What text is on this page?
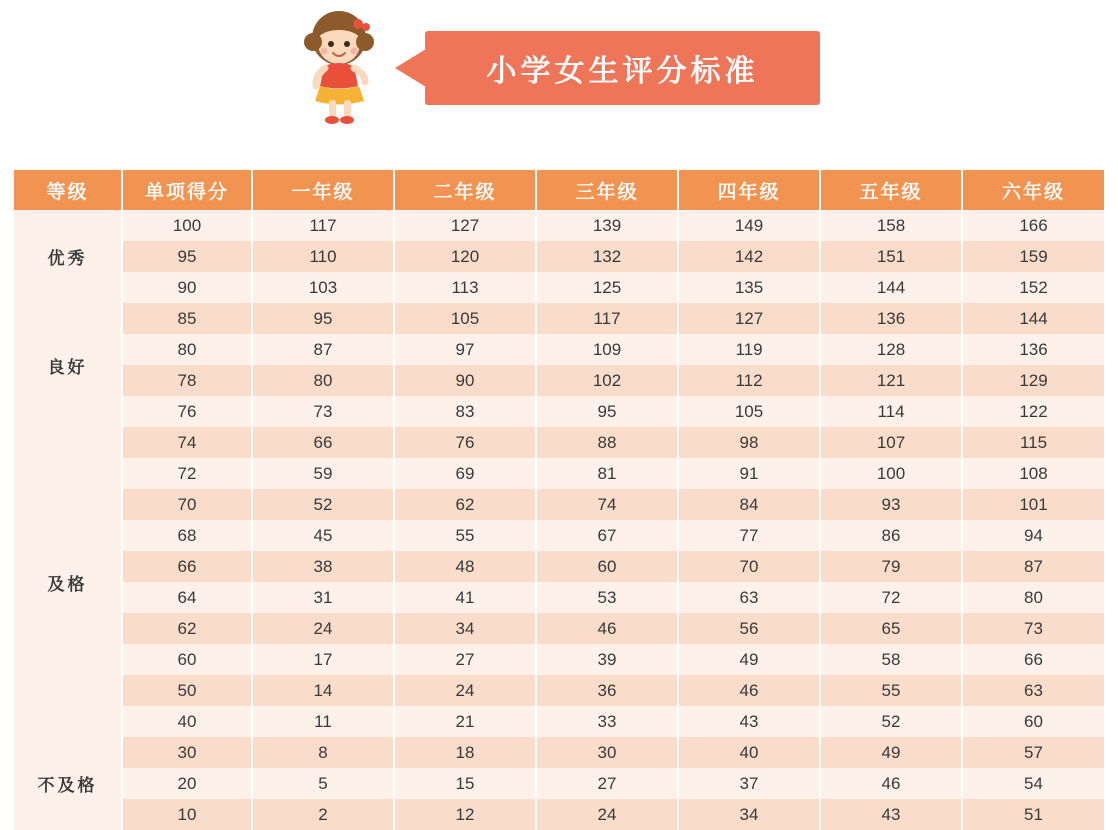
小学女生评分标准
等级	单项得分	一年级	二年级	三年级	四年级	五年级	六年级
优秀	100	117	127	139	149	158	166
	95	110	120	132	142	151	159
	90	103	113	125	135	144	152
良好	85	95	105	117	127	136	144
	80	87	97	109	119	128	136
	78	80	90	102	112	121	129
	76	73	83	95	105	114	122
及格	74	66	76	88	98	107	115
	72	59	69	81	91	100	108
	70	52	62	74	84	93	101
	68	45	55	67	77	86	94
	66	38	48	60	70	79	87
	64	31	41	53	63	72	80
	62	24	34	46	56	65	73
	60	17	27	39	49	58	66
	50	14	24	36	46	55	63
	40	11	21	33	43	52	60
不及格	30	8	18	30	40	49	57
	20	5	15	27	37	46	54
	10	2	12	24	34	43	51
